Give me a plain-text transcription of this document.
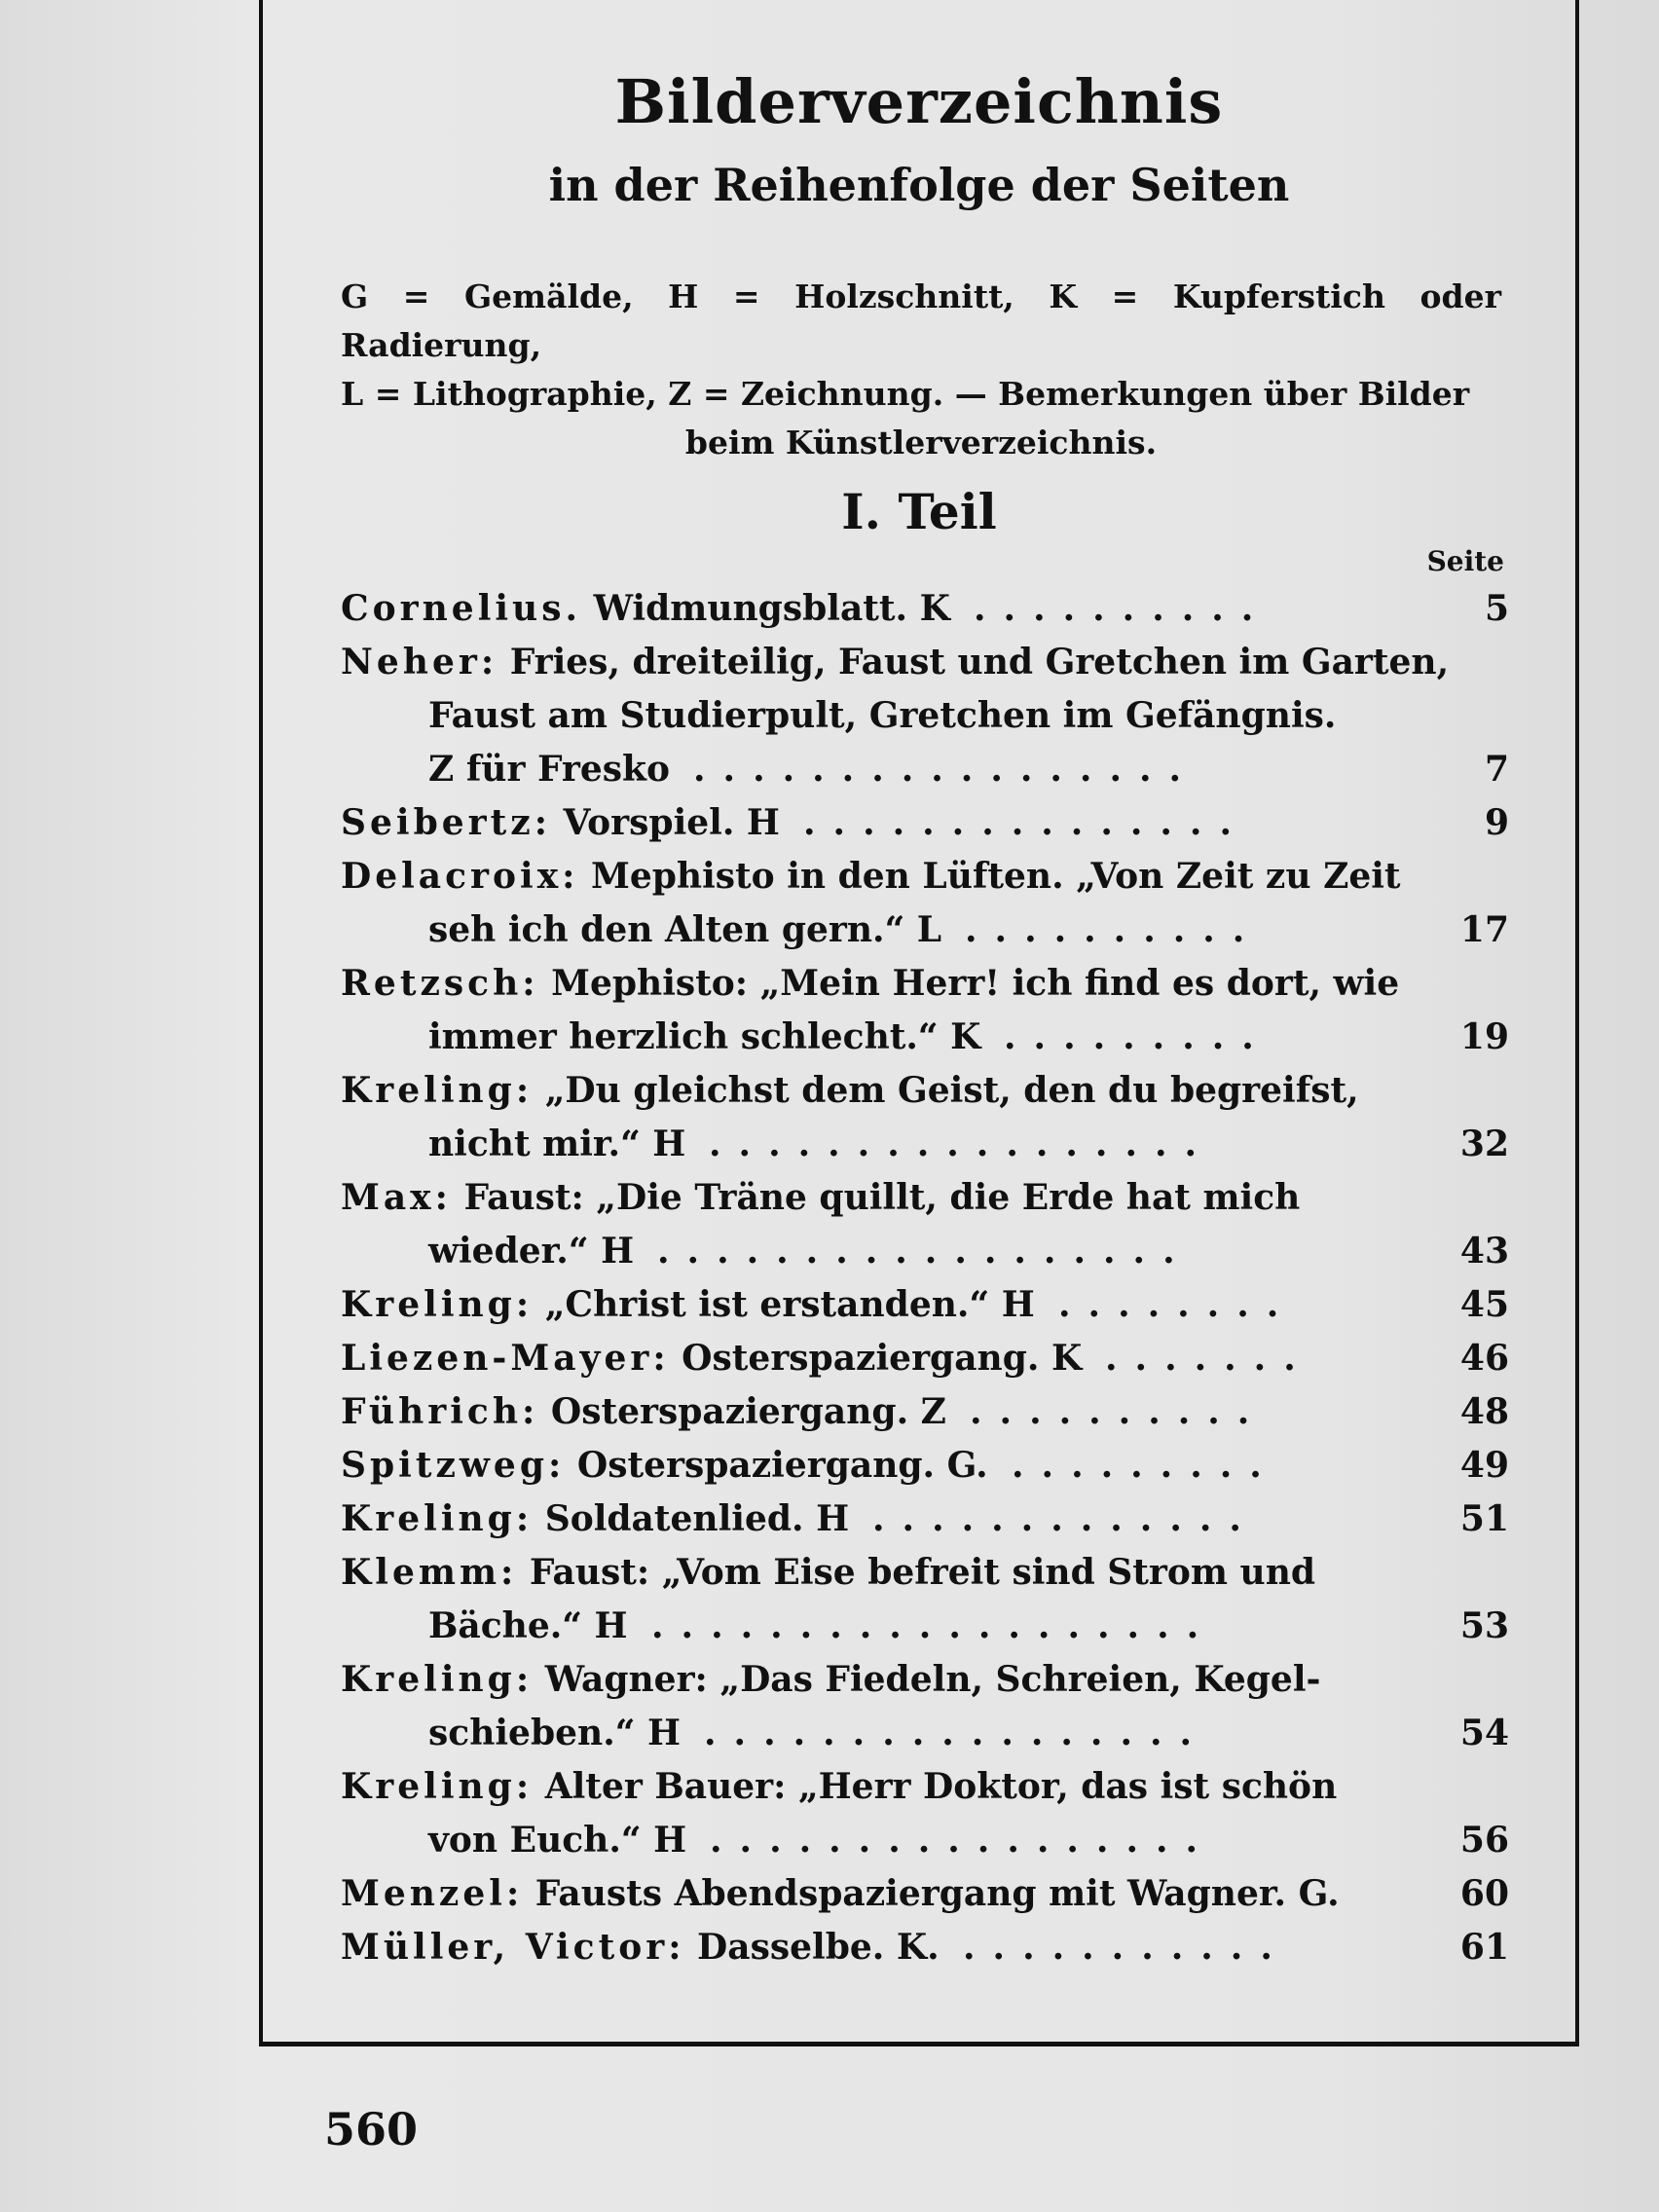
Bilderverzeichnis
in der Reihenfolge der Seiten
G = Gemälde, H = Holzschnitt, K = Kupferstich oder Radierung,
L = Lithographie, Z = Zeichnung. — Bemerkungen über Bilder
beim Künstlerverzeichnis.
I. Teil
Seite
Cornelius. Widmungsblatt. K ..........	5
Neher: Fries, dreiteilig, Faust und Gretchen im Garten,
Faust am Studierpult, Gretchen im Gefängnis.
Z für Fresko .................	7
Seibertz: Vorspiel. H ...............	9
Delacroix: Mephisto in den Lüften. „Von Zeit zu Zeit
seh ich den Alten gern.“ L ..........	17
Retzsch: Mephisto: „Mein Herr! ich find es dort, wie
immer herzlich schlecht.“ K .........	19
Kreling: „Du gleichst dem Geist, den du begreifst,
nicht mir.“ H .................	32
Max: Faust: „Die Träne quillt, die Erde hat mich
wieder.“ H ..................	43
Kreling: „Christ ist erstanden.“ H ........	45
Liezen-Mayer: Osterspaziergang. K .......	46
Führich: Osterspaziergang. Z ..........	48
Spitzweg: Osterspaziergang. G. .........	49
Kreling: Soldatenlied. H .............	51
Klemm: Faust: „Vom Eise befreit sind Strom und
Bäche.“ H ...................	53
Kreling: Wagner: „Das Fiedeln, Schreien, Kegel-
schieben.“ H .................	54
Kreling: Alter Bauer: „Herr Doktor, das ist schön
von Euch.“ H .................	56
Menzel: Fausts Abendspaziergang mit Wagner. G.	60
Müller, Victor: Dasselbe. K. ...........	61
560
